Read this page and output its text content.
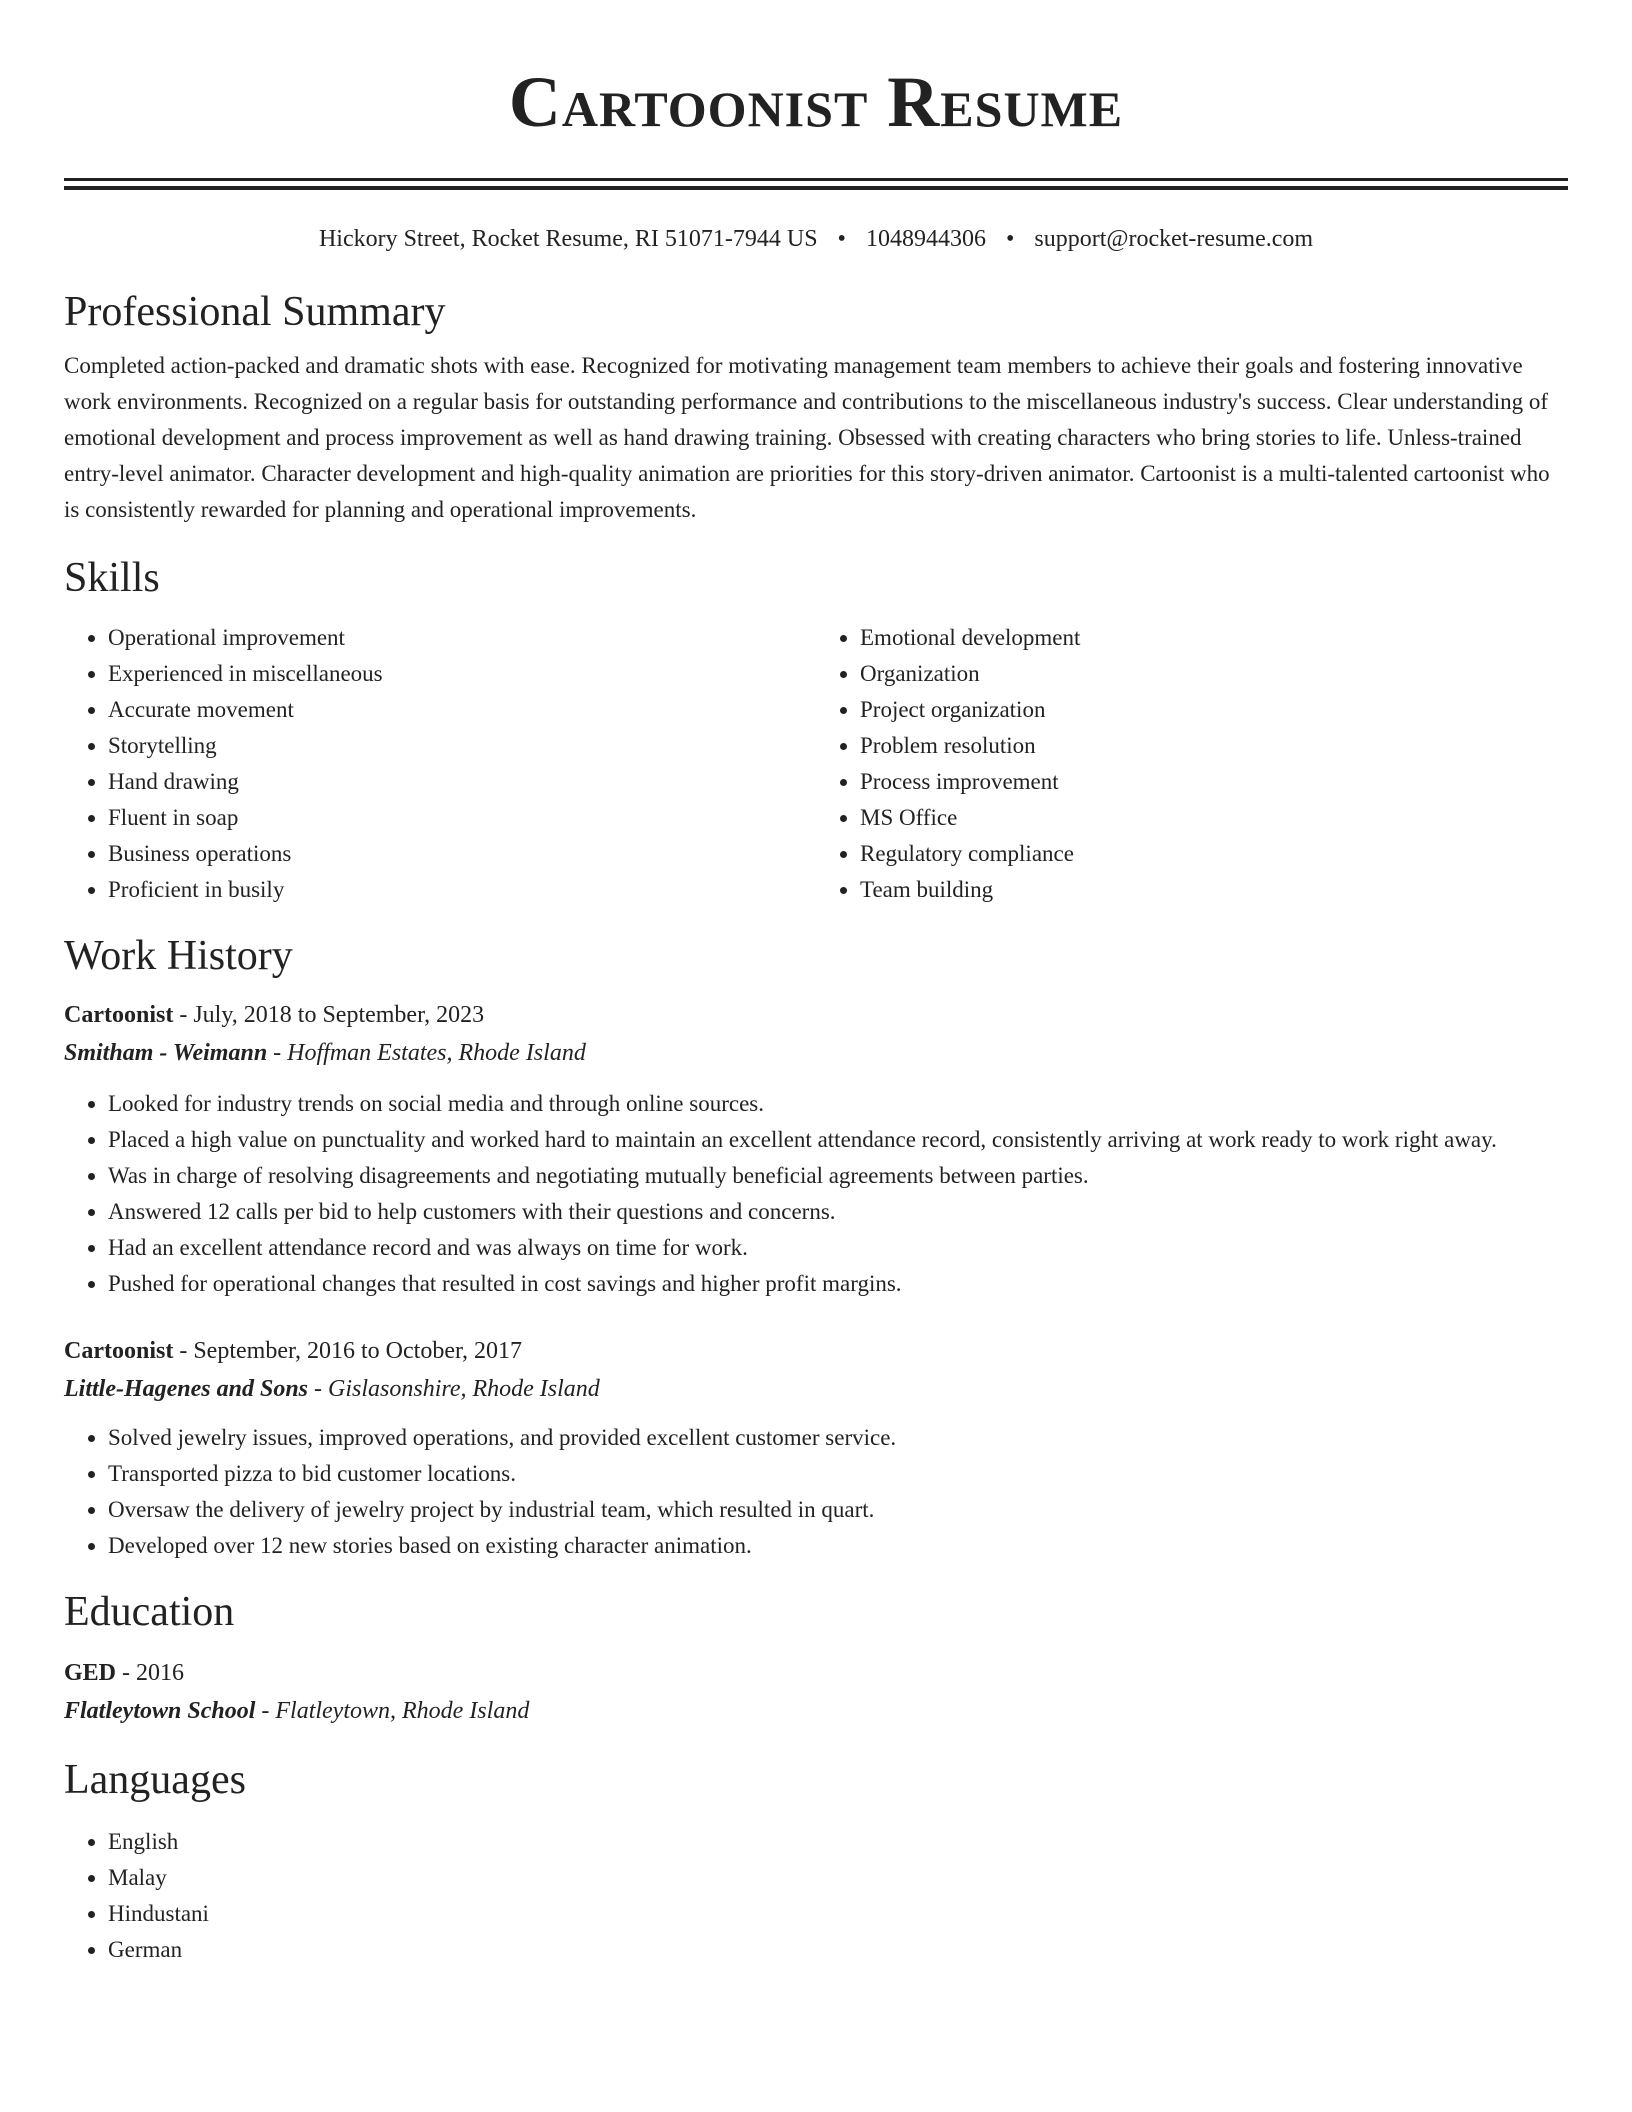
Cartoonist Resume
Hickory Street, Rocket Resume, RI 51071-7944 US • 1048944306 • support@rocket-resume.com
Professional Summary
Completed action-packed and dramatic shots with ease. Recognized for motivating management team members to achieve their goals and fostering innovative work environments. Recognized on a regular basis for outstanding performance and contributions to the miscellaneous industry's success. Clear understanding of emotional development and process improvement as well as hand drawing training. Obsessed with creating characters who bring stories to life. Unless-trained entry-level animator. Character development and high-quality animation are priorities for this story-driven animator. Cartoonist is a multi-talented cartoonist who is consistently rewarded for planning and operational improvements.
Skills
• Operational improvement
• Experienced in miscellaneous
• Accurate movement
• Storytelling
• Hand drawing
• Fluent in soap
• Business operations
• Proficient in busily
• Emotional development
• Organization
• Project organization
• Problem resolution
• Process improvement
• MS Office
• Regulatory compliance
• Team building
Work History
Cartoonist - July, 2018 to September, 2023
Smitham - Weimann - Hoffman Estates, Rhode Island
• Looked for industry trends on social media and through online sources.
• Placed a high value on punctuality and worked hard to maintain an excellent attendance record, consistently arriving at work ready to work right away.
• Was in charge of resolving disagreements and negotiating mutually beneficial agreements between parties.
• Answered 12 calls per bid to help customers with their questions and concerns.
• Had an excellent attendance record and was always on time for work.
• Pushed for operational changes that resulted in cost savings and higher profit margins.
Cartoonist - September, 2016 to October, 2017
Little-Hagenes and Sons - Gislasonshire, Rhode Island
• Solved jewelry issues, improved operations, and provided excellent customer service.
• Transported pizza to bid customer locations.
• Oversaw the delivery of jewelry project by industrial team, which resulted in quart.
• Developed over 12 new stories based on existing character animation.
Education
GED - 2016
Flatleytown School - Flatleytown, Rhode Island
Languages
• English
• Malay
• Hindustani
• German
